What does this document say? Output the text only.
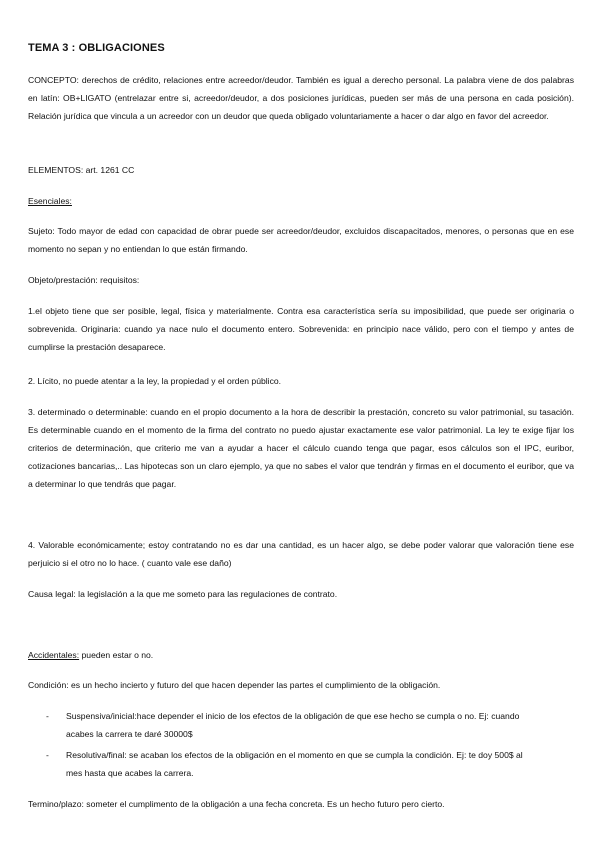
TEMA 3 : OBLIGACIONES

CONCEPTO: derechos de crédito, relaciones entre acreedor/deudor. También es igual a derecho personal. La palabra viene de dos palabras en latín: OB+LIGATO (entrelazar entre si, acreedor/deudor, a dos posiciones jurídicas, pueden ser más de una persona en cada posición). Relación jurídica que vincula a un acreedor con un deudor que queda obligado voluntariamente a hacer o dar algo en favor del acreedor.

ELEMENTOS: art. 1261 CC

Esenciales:

Sujeto: Todo mayor de edad con capacidad de obrar puede ser acreedor/deudor, excluidos discapacitados, menores, o personas que en ese momento no sepan y no entiendan lo que están firmando.

Objeto/prestación: requisitos:

1.el objeto tiene que ser posible, legal, física y materialmente. Contra esa característica sería su imposibilidad, que puede ser originaria o sobrevenida. Originaria: cuando ya nace nulo el documento entero. Sobrevenida: en principio nace válido, pero con el tiempo y antes de cumplirse la prestación desaparece.

2. Lícito, no puede atentar a la ley, la propiedad y el orden público.

3. determinado o determinable: cuando en el propio documento a la hora de describir la prestación, concreto su valor patrimonial, su tasación. Es determinable cuando en el momento de la firma del contrato no puedo ajustar exactamente ese valor patrimonial. La ley te exige fijar los criterios de determinación, que criterio me van a ayudar a hacer el cálculo cuando tenga que pagar, esos cálculos son el IPC, euribor, cotizaciones bancarias,.. Las hipotecas son un claro ejemplo, ya que no sabes el valor que tendrán y firmas en el documento el euribor, que va a determinar lo que tendrás que pagar.

4. Valorable económicamente; estoy contratando no es dar una cantidad, es un hacer algo, se debe poder valorar que valoración tiene ese perjuicio si el otro no lo hace. ( cuanto vale ese daño)

Causa legal: la legislación a la que me someto para las regulaciones de contrato.

Accidentales: pueden estar o no.

Condición: es un hecho incierto y futuro del que hacen depender las partes el cumplimiento de la obligación.

- Suspensiva/inicial:hace depender el inicio de los efectos de la obligación de que ese hecho se cumpla o no. Ej: cuando acabes la carrera te daré 30000$

- Resolutiva/final: se acaban los efectos de la obligación en el momento en que se cumpla la condición. Ej: te doy 500$ al mes hasta que acabes la carrera.

Termino/plazo: someter el cumplimento de la obligación a una fecha concreta. Es un hecho futuro pero cierto.
